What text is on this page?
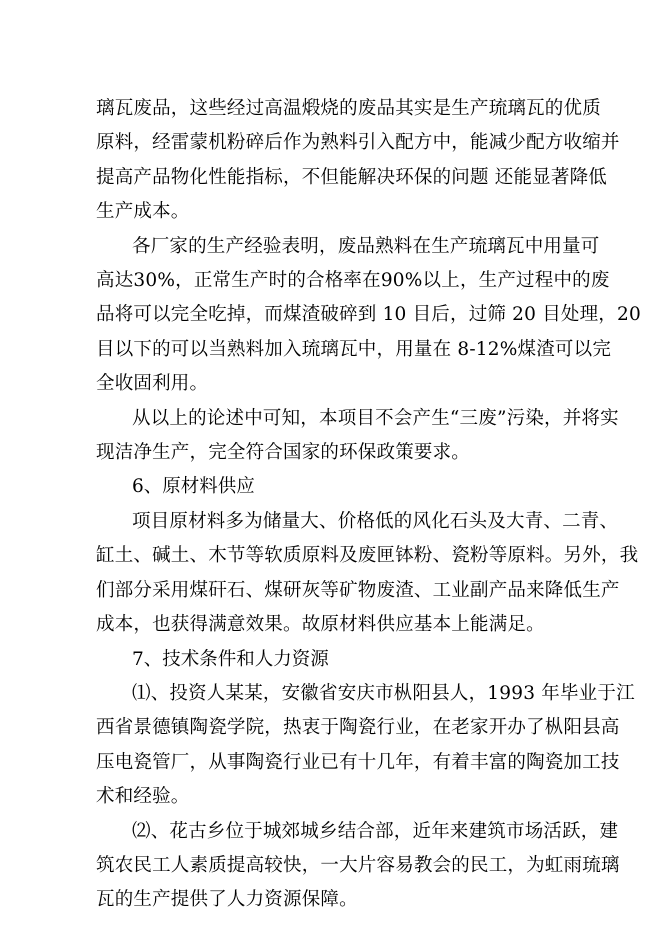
璃瓦废品，这些经过高温煅烧的废品其实是生产琉璃瓦的优质
原料，经雷蒙机粉碎后作为熟料引入配方中，能减少配方收缩并
提高产品物化性能指标，不但能解决环保的问题 还能显著降低
生产成本。

各厂家的生产经验表明，废品熟料在生产琉璃瓦中用量可
高达30%，正常生产时的合格率在90%以上，生产过程中的废
品将可以完全吃掉，而煤渣破碎到 10 目后，过筛 20 目处理，20
目以下的可以当熟料加入琉璃瓦中，用量在 8-12%煤渣可以完
全收固利用。

从以上的论述中可知，本项目不会产生“三废”污染，并将实
现洁净生产，完全符合国家的环保政策要求。

6、原材料供应

项目原材料多为储量大、价格低的风化石头及大青、二青、
缸土、碱土、木节等软质原料及废匣钵粉、瓷粉等原料。另外，我
们部分采用煤矸石、煤研灰等矿物废渣、工业副产品来降低生产
成本，也获得满意效果。故原材料供应基本上能满足。

7、技术条件和人力资源

⑴、投资人某某，安徽省安庆市枞阳县人，1993 年毕业于江
西省景德镇陶瓷学院，热衷于陶瓷行业，在老家开办了枞阳县高
压电瓷管厂，从事陶瓷行业已有十几年，有着丰富的陶瓷加工技
术和经验。

⑵、花古乡位于城郊城乡结合部，近年来建筑市场活跃，建
筑农民工人素质提高较快，一大片容易教会的民工，为虹雨琉璃
瓦的生产提供了人力资源保障。
